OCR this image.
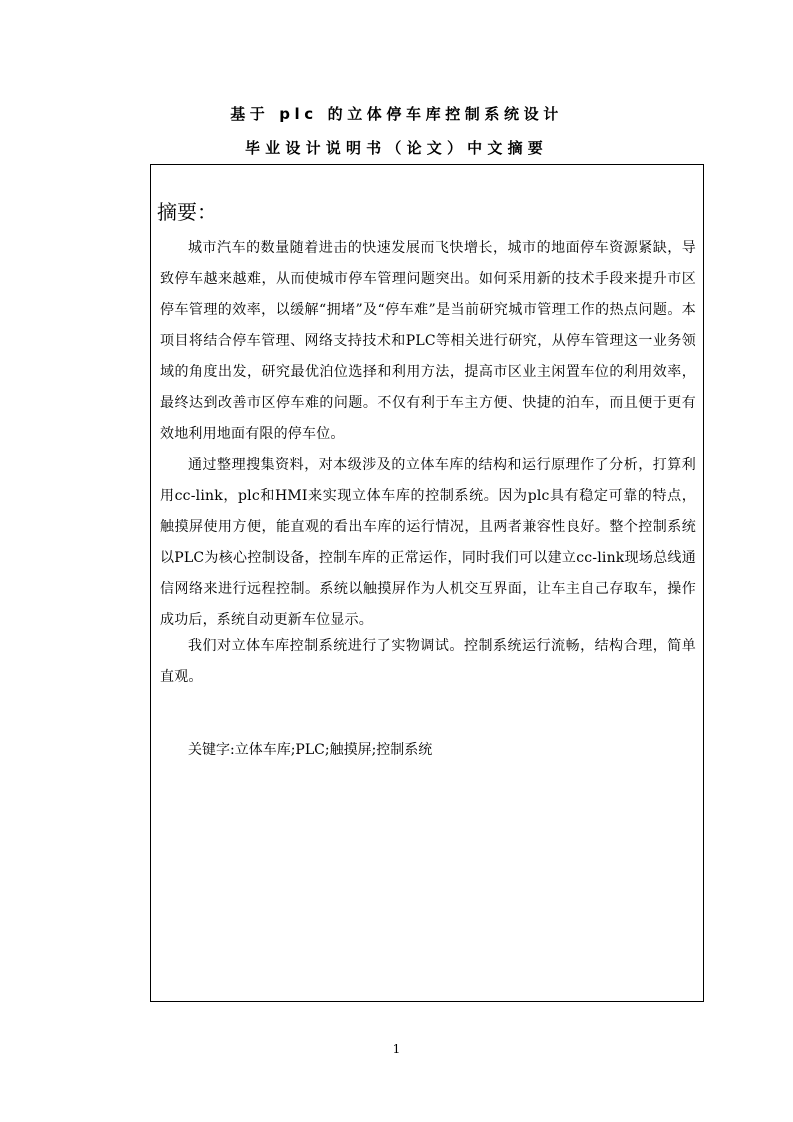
基于 plc 的立体停车库控制系统设计
毕业设计说明书（论文）中文摘要
摘要：

城市汽车的数量随着进击的快速发展而飞快增长，城市的地面停车资源紧缺，导致停车越来越难，从而使城市停车管理问题突出。如何采用新的技术手段来提升市区停车管理的效率，以缓解“拥堵”及“停车难”是当前研究城市管理工作的热点问题。本项目将结合停车管理、网络支持技术和PLC等相关进行研究，从停车管理这一业务领域的角度出发，研究最优泊位选择和利用方法，提高市区业主闲置车位的利用效率，最终达到改善市区停车难的问题。不仅有利于车主方便、快捷的泊车，而且便于更有效地利用地面有限的停车位。

通过整理搜集资料，对本级涉及的立体车库的结构和运行原理作了分析，打算利用cc-link，plc和HMI来实现立体车库的控制系统。因为plc具有稳定可靠的特点，触摸屏使用方便，能直观的看出车库的运行情况，且两者兼容性良好。整个控制系统以PLC为核心控制设备，控制车库的正常运作，同时我们可以建立cc-link现场总线通信网络来进行远程控制。系统以触摸屏作为人机交互界面，让车主自己存取车，操作成功后，系统自动更新车位显示。

我们对立体车库控制系统进行了实物调试。控制系统运行流畅，结构合理，简单直观。

关键字:立体车库;PLC;触摸屏;控制系统
1
